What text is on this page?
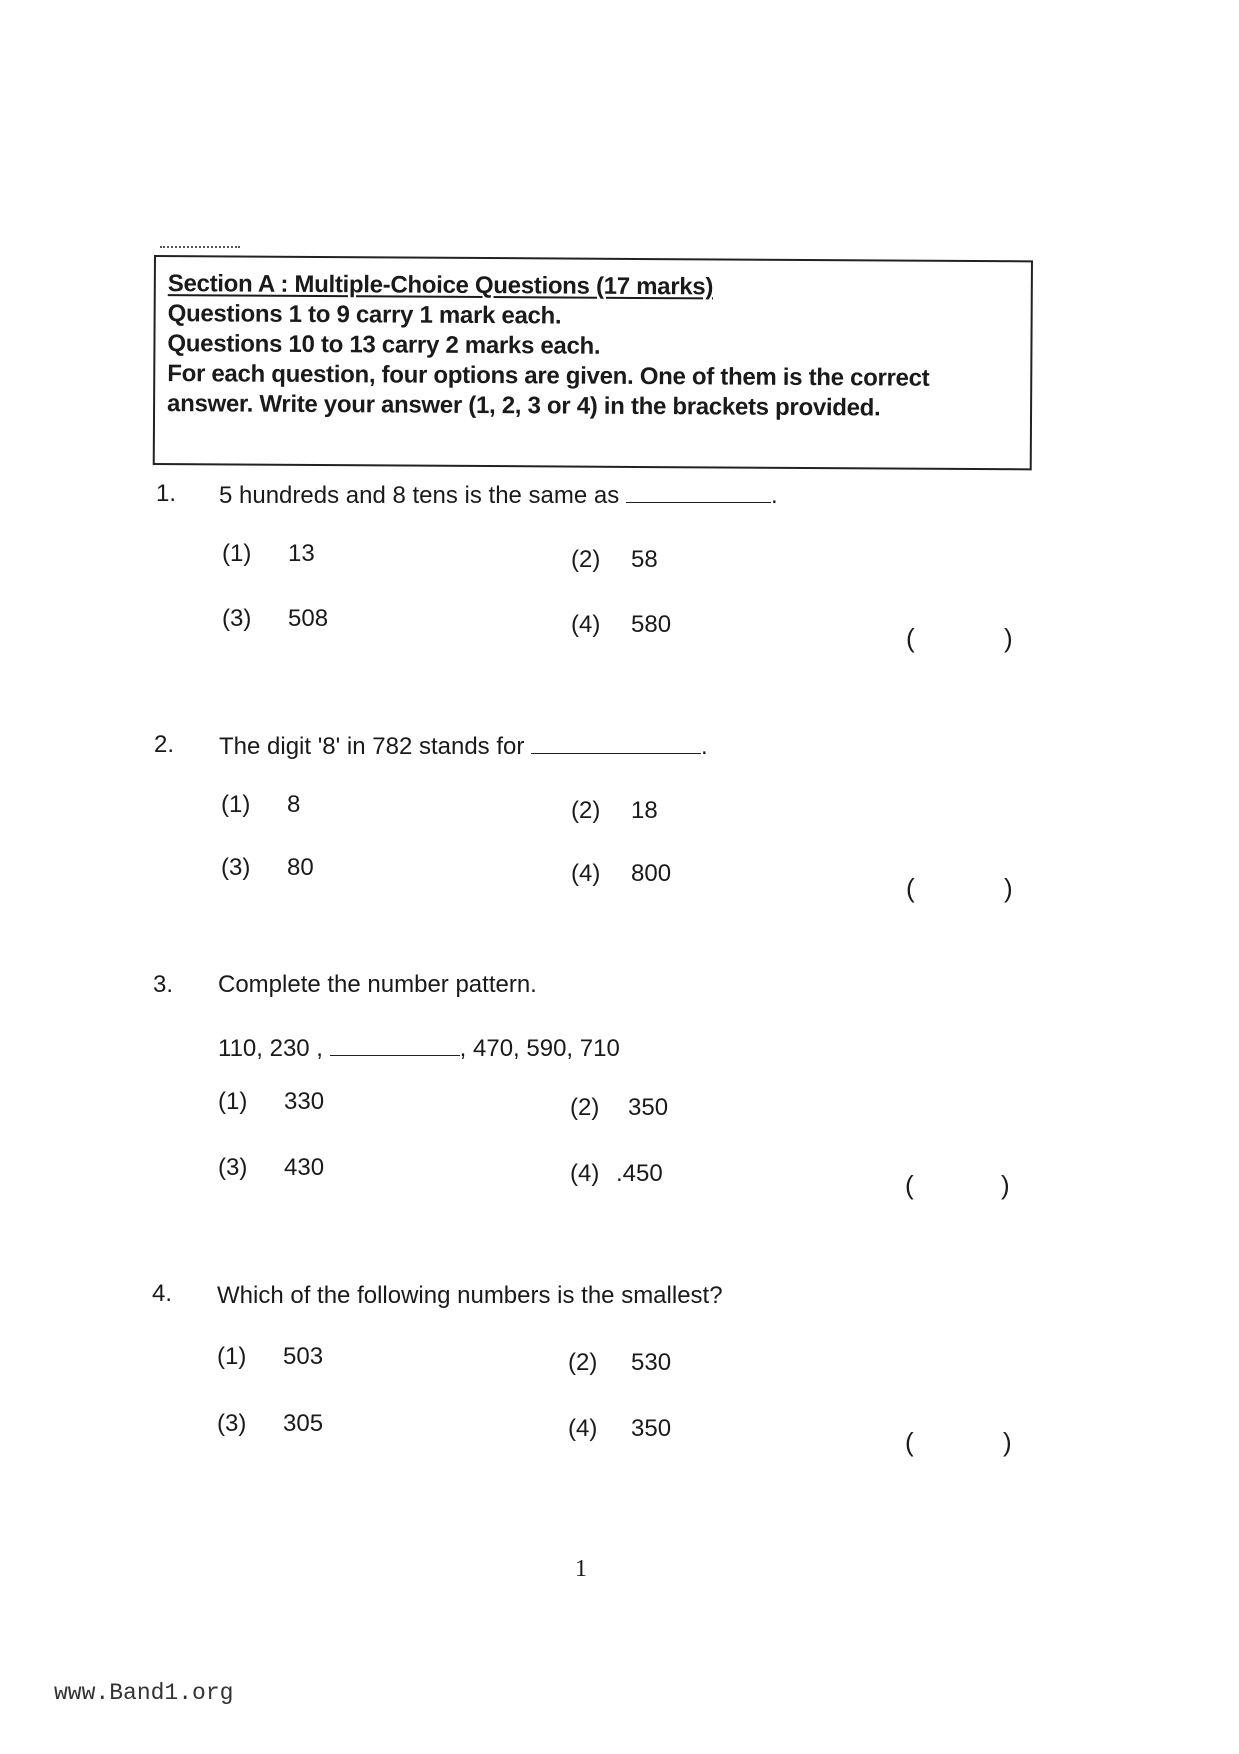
Section A : Multiple-Choice Questions (17 marks)
Questions 1 to 9 carry 1 mark each.
Questions 10 to 13 carry 2 marks each.
For each question, four options are given. One of them is the correct answer. Write your answer (1, 2, 3 or 4) in the brackets provided.
1. 5 hundreds and 8 tens is the same as	.
(1) 13	(2) 58
(3) 508	(4) 580	(	)
2. The digit '8' in 782 stands for	.
(1) 8	(2) 18
(3) 80	(4) 800	(	)
3. Complete the number pattern.
110, 230 ,	, 470, 590, 710
(1) 330	(2) 350
(3) 430	(4) .450	(	)
4. Which of the following numbers is the smallest?
(1) 503	(2) 530
(3) 305	(4) 350	(	)
1
www.Band1.org
